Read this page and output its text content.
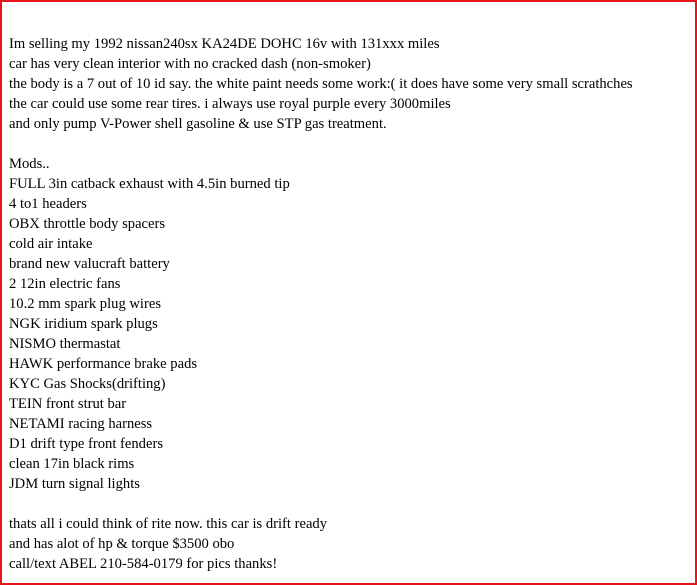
Im selling my 1992 nissan240sx KA24DE DOHC 16v with 131xxx miles
car has very clean interior with no cracked dash (non-smoker)
the body is a 7 out of 10 id say. the white paint needs some work:( it does have some very small scrathches
the car could use some rear tires. i always use royal purple every 3000miles
and only pump V-Power shell gasoline & use STP gas treatment.
Mods..
FULL 3in catback exhaust with 4.5in burned tip
4 to1 headers
OBX throttle body spacers
cold air intake
brand new valucraft battery
2 12in electric fans
10.2 mm spark plug wires
NGK iridium spark plugs
NISMO thermastat
HAWK performance brake pads
KYC Gas Shocks(drifting)
TEIN front strut bar
NETAMI racing harness
D1 drift type front fenders
clean 17in black rims
JDM turn signal lights
thats all i could think of rite now. this car is drift ready
and has alot of hp & torque $3500 obo
call/text ABEL 210-584-0179 for pics thanks!
